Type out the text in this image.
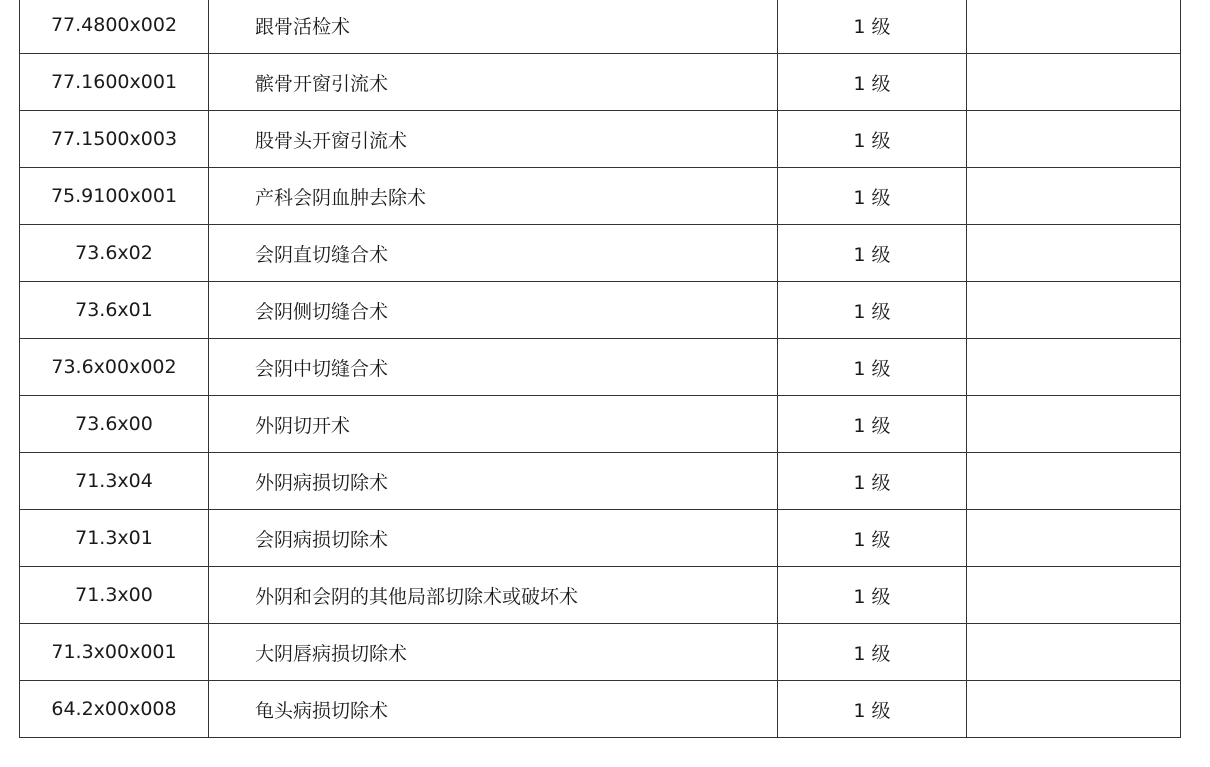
77.4800x002	跟骨活检术	1 级	
77.1600x001	髌骨开窗引流术	1 级	
77.1500x003	股骨头开窗引流术	1 级	
75.9100x001	产科会阴血肿去除术	1 级	
73.6x02	会阴直切缝合术	1 级	
73.6x01	会阴侧切缝合术	1 级	
73.6x00x002	会阴中切缝合术	1 级	
73.6x00	外阴切开术	1 级	
71.3x04	外阴病损切除术	1 级	
71.3x01	会阴病损切除术	1 级	
71.3x00	外阴和会阴的其他局部切除术或破坏术	1 级	
71.3x00x001	大阴唇病损切除术	1 级	
64.2x00x008	龟头病损切除术	1 级	
